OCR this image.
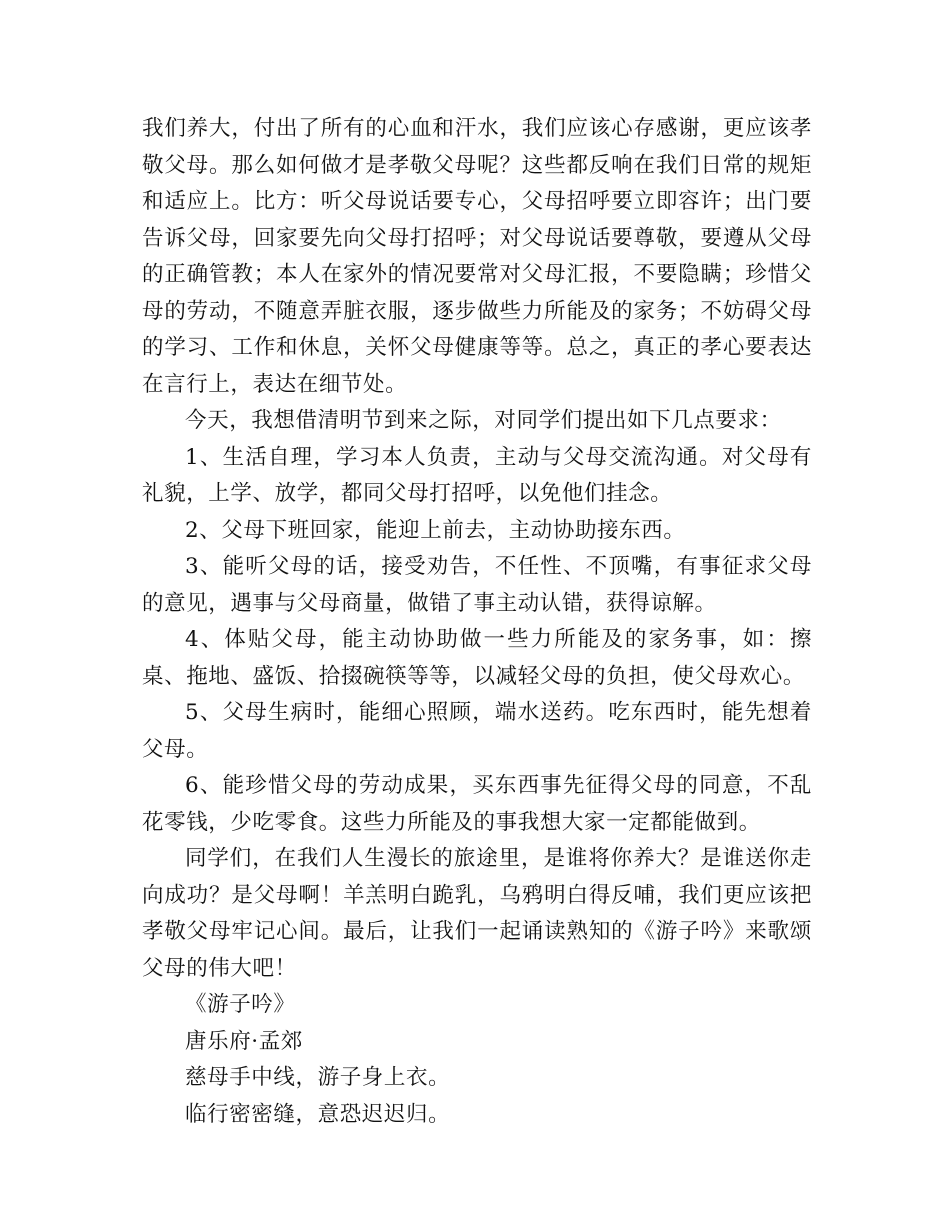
我们养大，付出了所有的心血和汗水，我们应该心存感谢，更应该孝敬父母。那么如何做才是孝敬父母呢？这些都反响在我们日常的规矩和适应上。比方：听父母说话要专心，父母招呼要立即容许；出门要告诉父母，回家要先向父母打招呼；对父母说话要尊敬，要遵从父母的正确管教；本人在家外的情况要常对父母汇报，不要隐瞒；珍惜父母的劳动，不随意弄脏衣服，逐步做些力所能及的家务；不妨碍父母的学习、工作和休息，关怀父母健康等等。总之，真正的孝心要表达在言行上，表达在细节处。

今天，我想借清明节到来之际，对同学们提出如下几点要求：

1、生活自理，学习本人负责，主动与父母交流沟通。对父母有礼貌，上学、放学，都同父母打招呼，以免他们挂念。

2、父母下班回家，能迎上前去，主动协助接东西。

3、能听父母的话，接受劝告，不任性、不顶嘴，有事征求父母的意见，遇事与父母商量，做错了事主动认错，获得谅解。

4、体贴父母，能主动协助做一些力所能及的家务事，如：擦桌、拖地、盛饭、拾掇碗筷等等，以减轻父母的负担，使父母欢心。

5、父母生病时，能细心照顾，端水送药。吃东西时，能先想着父母。

6、能珍惜父母的劳动成果，买东西事先征得父母的同意，不乱花零钱，少吃零食。这些力所能及的事我想大家一定都能做到。

同学们，在我们人生漫长的旅途里，是谁将你养大？是谁送你走向成功？是父母啊！羊羔明白跪乳，乌鸦明白得反哺，我们更应该把孝敬父母牢记心间。最后，让我们一起诵读熟知的《游子吟》来歌颂父母的伟大吧！

《游子吟》

唐乐府·孟郊

慈母手中线，游子身上衣。

临行密密缝，意恐迟迟归。
